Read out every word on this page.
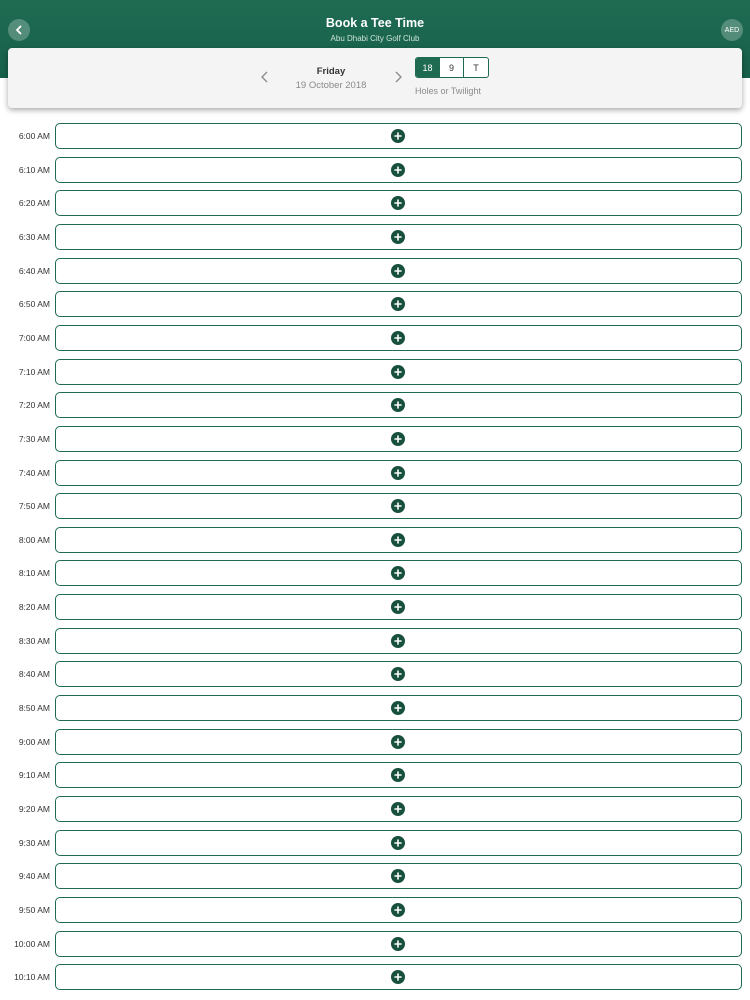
6:00 AM
6:10 AM
6:20 AM
6:30 AM
6:40 AM
6:50 AM
7:00 AM
7:10 AM
7:20 AM
7:30 AM
7:40 AM
7:50 AM
8:00 AM
8:10 AM
8:20 AM
8:30 AM
8:40 AM
8:50 AM
9:00 AM
9:10 AM
9:20 AM
9:30 AM
9:40 AM
9:50 AM
10:00 AM
10:10 AM
Book a Tee Time
Abu Dhabi City Golf Club
AED
Friday
19 October 2018
18	9	T
Holes or Twilight
